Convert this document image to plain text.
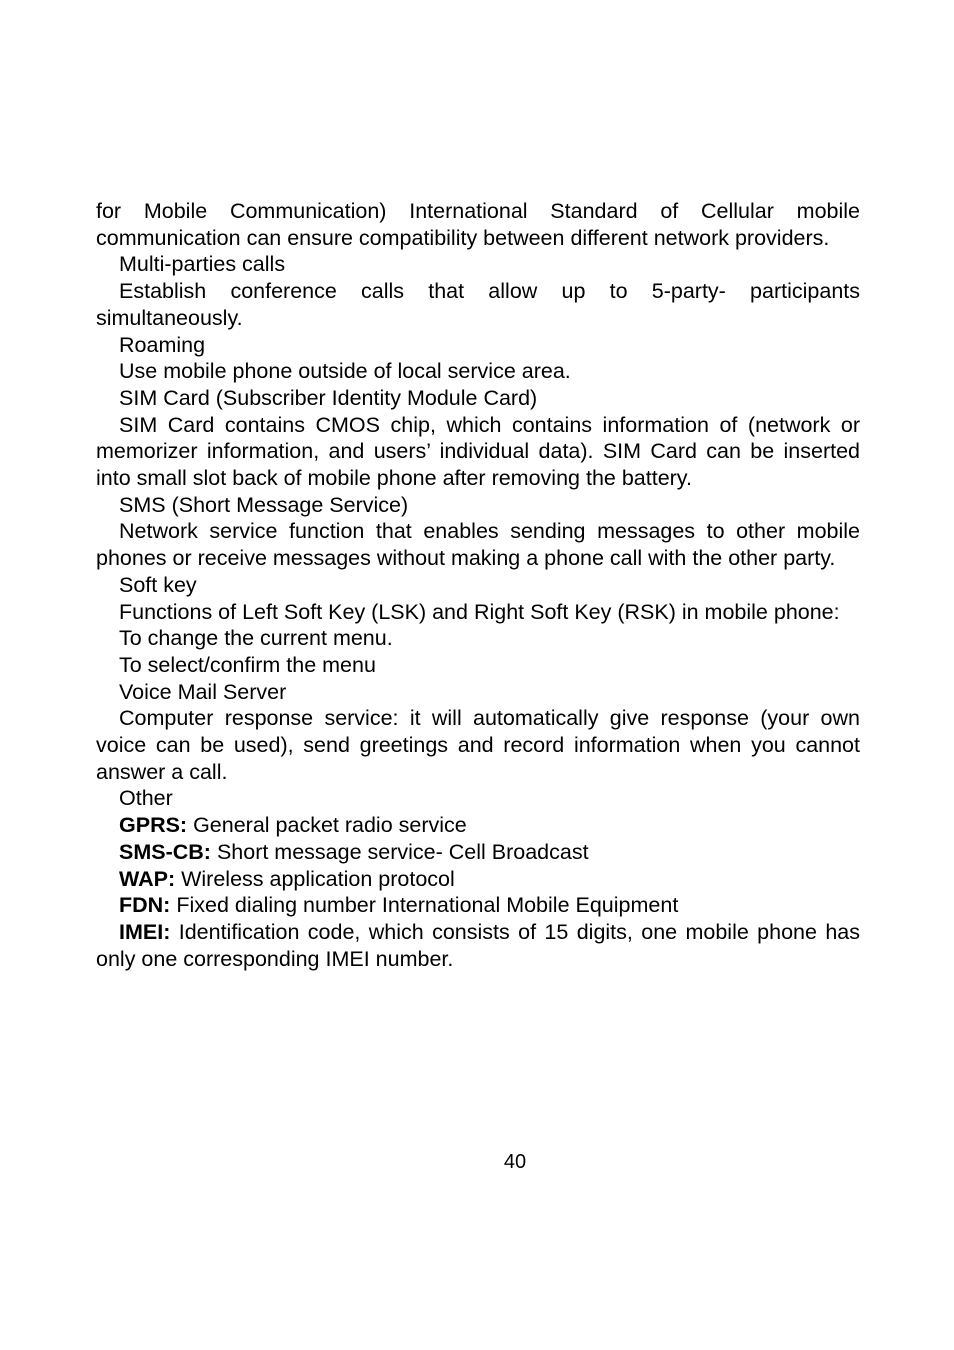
for Mobile Communication) International Standard of Cellular mobile communication can ensure compatibility between different network providers.

Multi-parties calls

Establish conference calls that allow up to 5-party- participants simultaneously.

Roaming

Use mobile phone outside of local service area.

SIM Card (Subscriber Identity Module Card)

SIM Card contains CMOS chip, which contains information of (network or memorizer information, and users’ individual data). SIM Card can be inserted into small slot back of mobile phone after removing the battery.

SMS (Short Message Service)

Network service function that enables sending messages to other mobile phones or receive messages without making a phone call with the other party.

Soft key

Functions of Left Soft Key (LSK) and Right Soft Key (RSK) in mobile phone:

To change the current menu.

To select/confirm the menu

Voice Mail Server

Computer response service: it will automatically give response (your own voice can be used), send greetings and record information when you cannot answer a call.

Other

GPRS: General packet radio service

SMS-CB: Short message service- Cell Broadcast

WAP: Wireless application protocol

FDN: Fixed dialing number International Mobile Equipment

IMEI: Identification code, which consists of 15 digits, one mobile phone has only one corresponding IMEI number.

40
